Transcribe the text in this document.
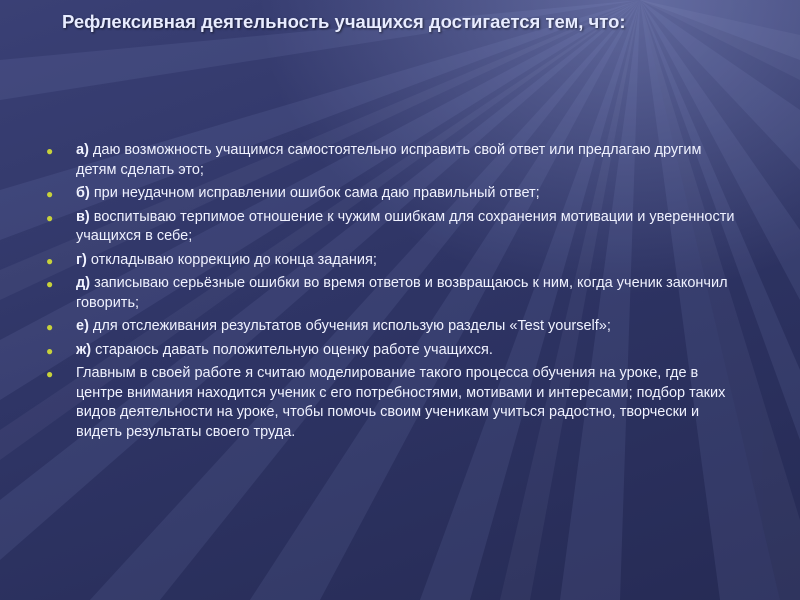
Рефлексивная деятельность учащихся достигается тем, что:
● а) даю возможность учащимся самостоятельно исправить свой ответ или предлагаю другим детям сделать это;
● б) при неудачном исправлении ошибок сама даю правильный ответ;
● в) воспитываю терпимое отношение к чужим ошибкам для сохранения мотивации и уверенности учащихся в себе;
● г) откладываю коррекцию до конца задания;
● д) записываю серьёзные ошибки во время ответов и возвращаюсь к ним, когда ученик закончил говорить;
● е) для отслеживания результатов обучения использую разделы «Test yourself»;
● ж) стараюсь давать положительную оценку работе учащихся.
● Главным в своей работе я считаю моделирование такого процесса обучения на уроке, где в центре внимания находится ученик с его потребностями, мотивами и интересами; подбор таких видов деятельности на уроке, чтобы помочь своим ученикам учиться радостно, творчески и видеть результаты своего труда.
